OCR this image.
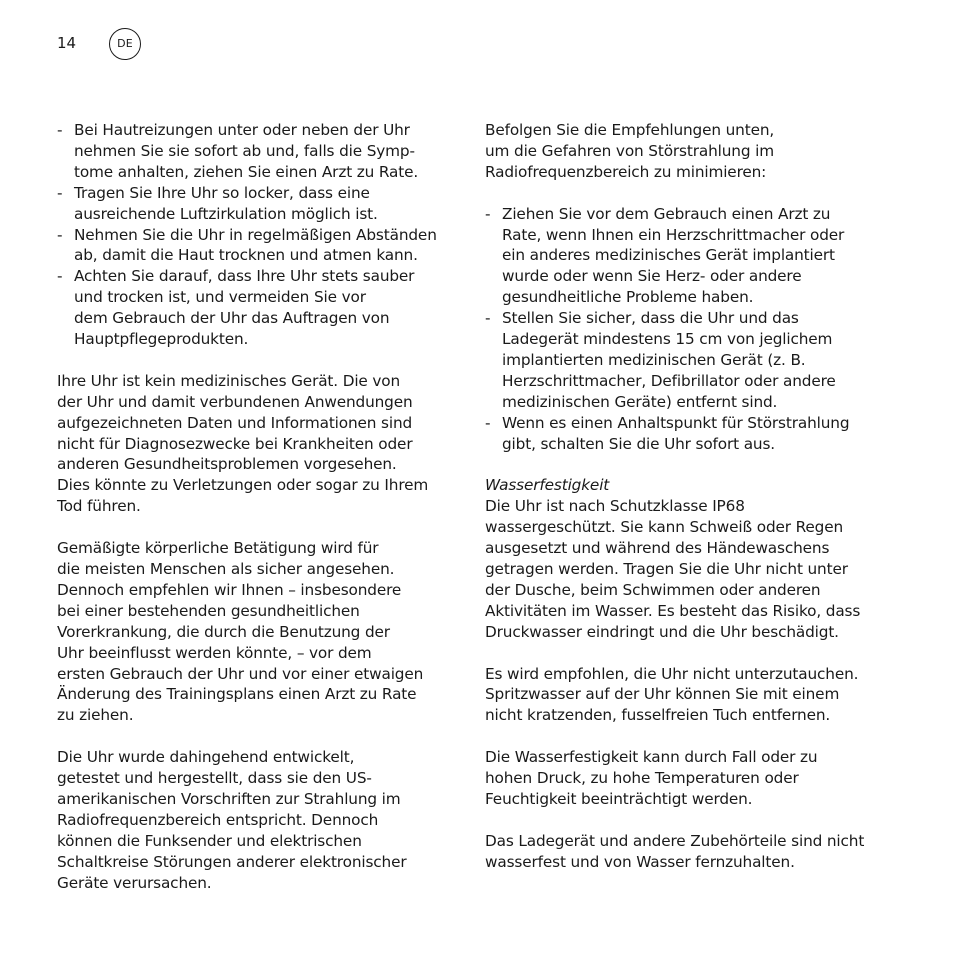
14	DE
- Bei Hautreizungen unter oder neben der Uhr
nehmen Sie sie sofort ab und, falls die Symp-
tome anhalten, ziehen Sie einen Arzt zu Rate.
- Tragen Sie Ihre Uhr so locker, dass eine
ausreichende Luftzirkulation möglich ist.
- Nehmen Sie die Uhr in regelmäßigen Abständen
ab, damit die Haut trocknen und atmen kann.
- Achten Sie darauf, dass Ihre Uhr stets sauber
und trocken ist, und vermeiden Sie vor
dem Gebrauch der Uhr das Auftragen von
Hauptpflegeprodukten.

Ihre Uhr ist kein medizinisches Gerät. Die von
der Uhr und damit verbundenen Anwendungen
aufgezeichneten Daten und Informationen sind
nicht für Diagnosezwecke bei Krankheiten oder
anderen Gesundheitsproblemen vorgesehen.
Dies könnte zu Verletzungen oder sogar zu Ihrem
Tod führen.

Gemäßigte körperliche Betätigung wird für
die meisten Menschen als sicher angesehen.
Dennoch empfehlen wir Ihnen – insbesondere
bei einer bestehenden gesundheitlichen
Vorerkrankung, die durch die Benutzung der
Uhr beeinflusst werden könnte, – vor dem
ersten Gebrauch der Uhr und vor einer etwaigen
Änderung des Trainingsplans einen Arzt zu Rate
zu ziehen.

Die Uhr wurde dahingehend entwickelt,
getestet und hergestellt, dass sie den US-
amerikanischen Vorschriften zur Strahlung im
Radiofrequenzbereich entspricht. Dennoch
können die Funksender und elektrischen
Schaltkreise Störungen anderer elektronischer
Geräte verursachen.

Befolgen Sie die Empfehlungen unten,
um die Gefahren von Störstrahlung im
Radiofrequenzbereich zu minimieren:

- Ziehen Sie vor dem Gebrauch einen Arzt zu
Rate, wenn Ihnen ein Herzschrittmacher oder
ein anderes medizinisches Gerät implantiert
wurde oder wenn Sie Herz- oder andere
gesundheitliche Probleme haben.
- Stellen Sie sicher, dass die Uhr und das
Ladegerät mindestens 15 cm von jeglichem
implantierten medizinischen Gerät (z. B.
Herzschrittmacher, Defibrillator oder andere
medizinischen Geräte) entfernt sind.
- Wenn es einen Anhaltspunkt für Störstrahlung
gibt, schalten Sie die Uhr sofort aus.

Wasserfestigkeit

Die Uhr ist nach Schutzklasse IP68
wassergeschützt. Sie kann Schweiß oder Regen
ausgesetzt und während des Händewaschens
getragen werden. Tragen Sie die Uhr nicht unter
der Dusche, beim Schwimmen oder anderen
Aktivitäten im Wasser. Es besteht das Risiko, dass
Druckwasser eindringt und die Uhr beschädigt.

Es wird empfohlen, die Uhr nicht unterzutauchen.
Spritzwasser auf der Uhr können Sie mit einem
nicht kratzenden, fusselfreien Tuch entfernen.

Die Wasserfestigkeit kann durch Fall oder zu
hohen Druck, zu hohe Temperaturen oder
Feuchtigkeit beeinträchtigt werden.

Das Ladegerät und andere Zubehörteile sind nicht
wasserfest und von Wasser fernzuhalten.
